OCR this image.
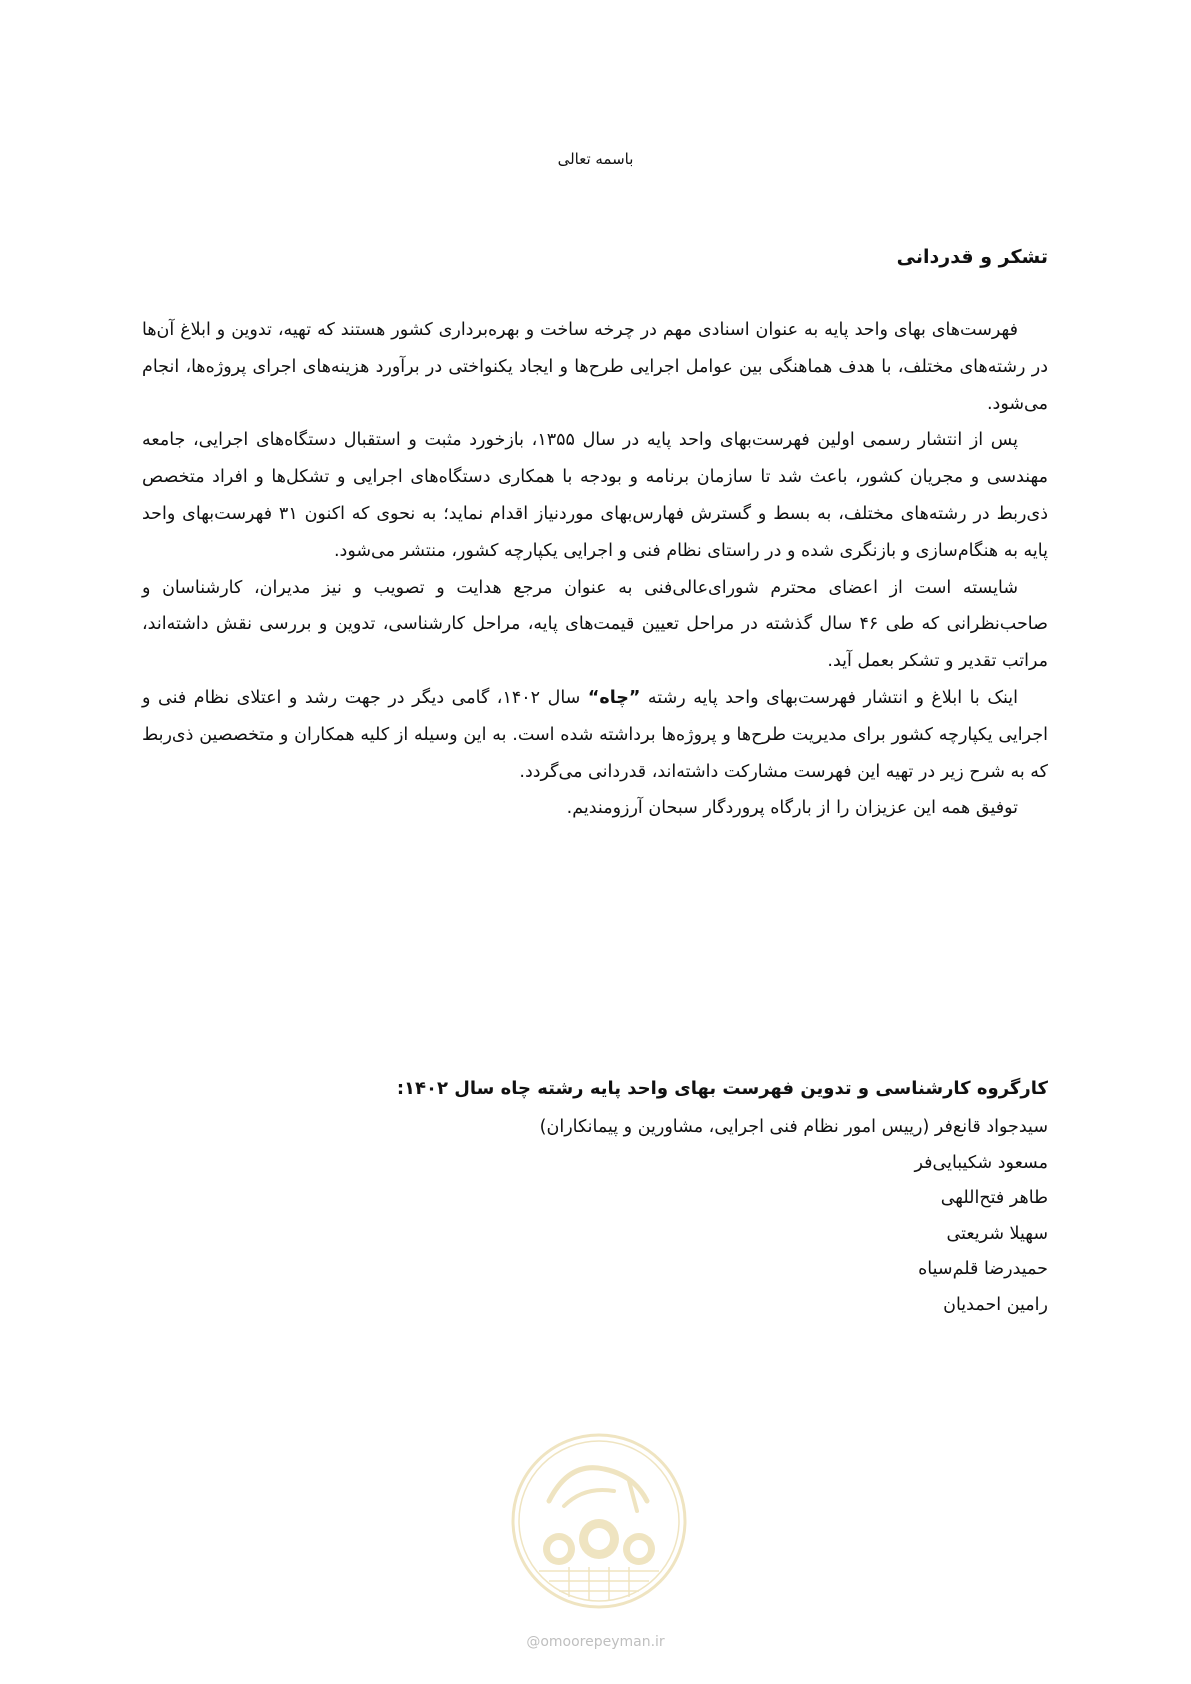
باسمه تعالی
تشکر و قدردانی

فهرست‌های بهای واحد پایه به عنوان اسنادی مهم در چرخه ساخت و بهره‌برداری کشور هستند که تهیه، تدوین و ابلاغ آن‌ها در رشته‌های مختلف، با هدف هماهنگی بین عوامل اجرایی طرح‌ها و ایجاد یکنواختی در برآورد هزینه‌های اجرای پروژه‌ها، انجام می‌شود.

پس از انتشار رسمی اولین فهرست‌بهای واحد پایه در سال ۱۳۵۵، بازخورد مثبت و استقبال دستگاه‌های اجرایی، جامعه مهندسی و مجریان کشور، باعث شد تا سازمان برنامه و بودجه با همکاری دستگاه‌های اجرایی و تشکل‌ها و افراد متخصص ذی‌ربط در رشته‌های مختلف، به بسط و گسترش فهارس‌بهای موردنیاز اقدام نماید؛ به نحوی که اکنون ۳۱ فهرست‌بهای واحد پایه به هنگام‌سازی و بازنگری شده و در راستای نظام فنی و اجرایی یکپارچه کشور، منتشر می‌شود.

شایسته است از اعضای محترم شورای‌عالی‌فنی به عنوان مرجع هدایت و تصویب و نیز مدیران، کارشناسان و صاحب‌نظرانی که طی ۴۶ سال گذشته در مراحل تعیین قیمت‌های پایه، مراحل کارشناسی، تدوین و بررسی نقش داشته‌اند، مراتب تقدیر و تشکر بعمل آید.

اینک با ابلاغ و انتشار فهرست‌بهای واحد پایه رشته ”چاه“ سال ۱۴۰۲، گامی دیگر در جهت رشد و اعتلای نظام فنی و اجرایی یکپارچه کشور برای مدیریت طرح‌ها و پروژه‌ها برداشته شده است. به این وسیله از کلیه همکاران و متخصصین ذی‌ربط که به شرح زیر در تهیه این فهرست مشارکت داشته‌اند، قدردانی می‌گردد.

توفیق همه این عزیزان را از بارگاه پروردگار سبحان آرزومندیم.

کارگروه کارشناسی و تدوین فهرست بهای واحد پایه رشته چاه سال ۱۴۰۲:
سیدجواد قانع‌فر (رییس امور نظام فنی اجرایی، مشاورین و پیمانکاران)
مسعود شکیبایی‌فر
طاهر فتح‌اللهی
سهیلا شریعتی
حمیدرضا قلم‌سیاه
رامین احمدیان
@omoorepeyman.ir
